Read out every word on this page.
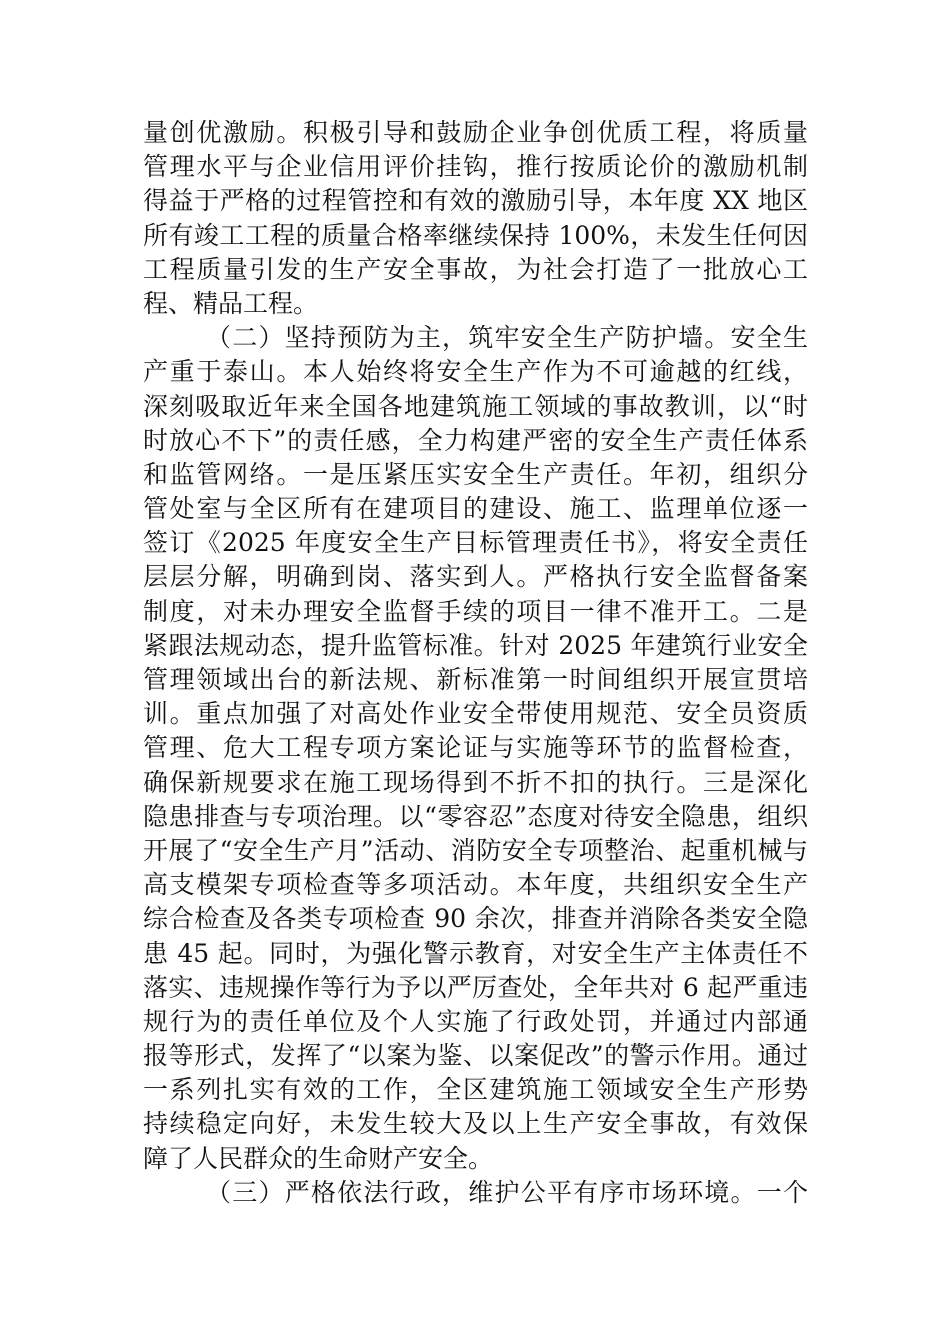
量创优激励。积极引导和鼓励企业争创优质工程，将质量
管理水平与企业信用评价挂钩，推行按质论价的激励机制
得益于严格的过程管控和有效的激励引导，本年度 XX 地区
所有竣工工程的质量合格率继续保持 100%，未发生任何因
工程质量引发的生产安全事故，为社会打造了一批放心工
程、精品工程。
（二）坚持预防为主，筑牢安全生产防护墙。安全生
产重于泰山。本人始终将安全生产作为不可逾越的红线，
深刻吸取近年来全国各地建筑施工领域的事故教训，以“时
时放心不下”的责任感，全力构建严密的安全生产责任体系
和监管网络。一是压紧压实安全生产责任。年初，组织分
管处室与全区所有在建项目的建设、施工、监理单位逐一
签订《2025 年度安全生产目标管理责任书》，将安全责任
层层分解，明确到岗、落实到人。严格执行安全监督备案
制度，对未办理安全监督手续的项目一律不准开工。二是
紧跟法规动态，提升监管标准。针对 2025 年建筑行业安全
管理领域出台的新法规、新标准第一时间组织开展宣贯培
训。重点加强了对高处作业安全带使用规范、安全员资质
管理、危大工程专项方案论证与实施等环节的监督检查，
确保新规要求在施工现场得到不折不扣的执行。三是深化
隐患排查与专项治理。以“零容忍”态度对待安全隐患，组织
开展了“安全生产月”活动、消防安全专项整治、起重机械与
高支模架专项检查等多项活动。本年度，共组织安全生产
综合检查及各类专项检查 90 余次，排查并消除各类安全隐
患 45 起。同时，为强化警示教育，对安全生产主体责任不
落实、违规操作等行为予以严厉查处，全年共对 6 起严重违
规行为的责任单位及个人实施了行政处罚，并通过内部通
报等形式，发挥了“以案为鉴、以案促改”的警示作用。通过
一系列扎实有效的工作，全区建筑施工领域安全生产形势
持续稳定向好，未发生较大及以上生产安全事故，有效保
障了人民群众的生命财产安全。
（三）严格依法行政，维护公平有序市场环境。一个
